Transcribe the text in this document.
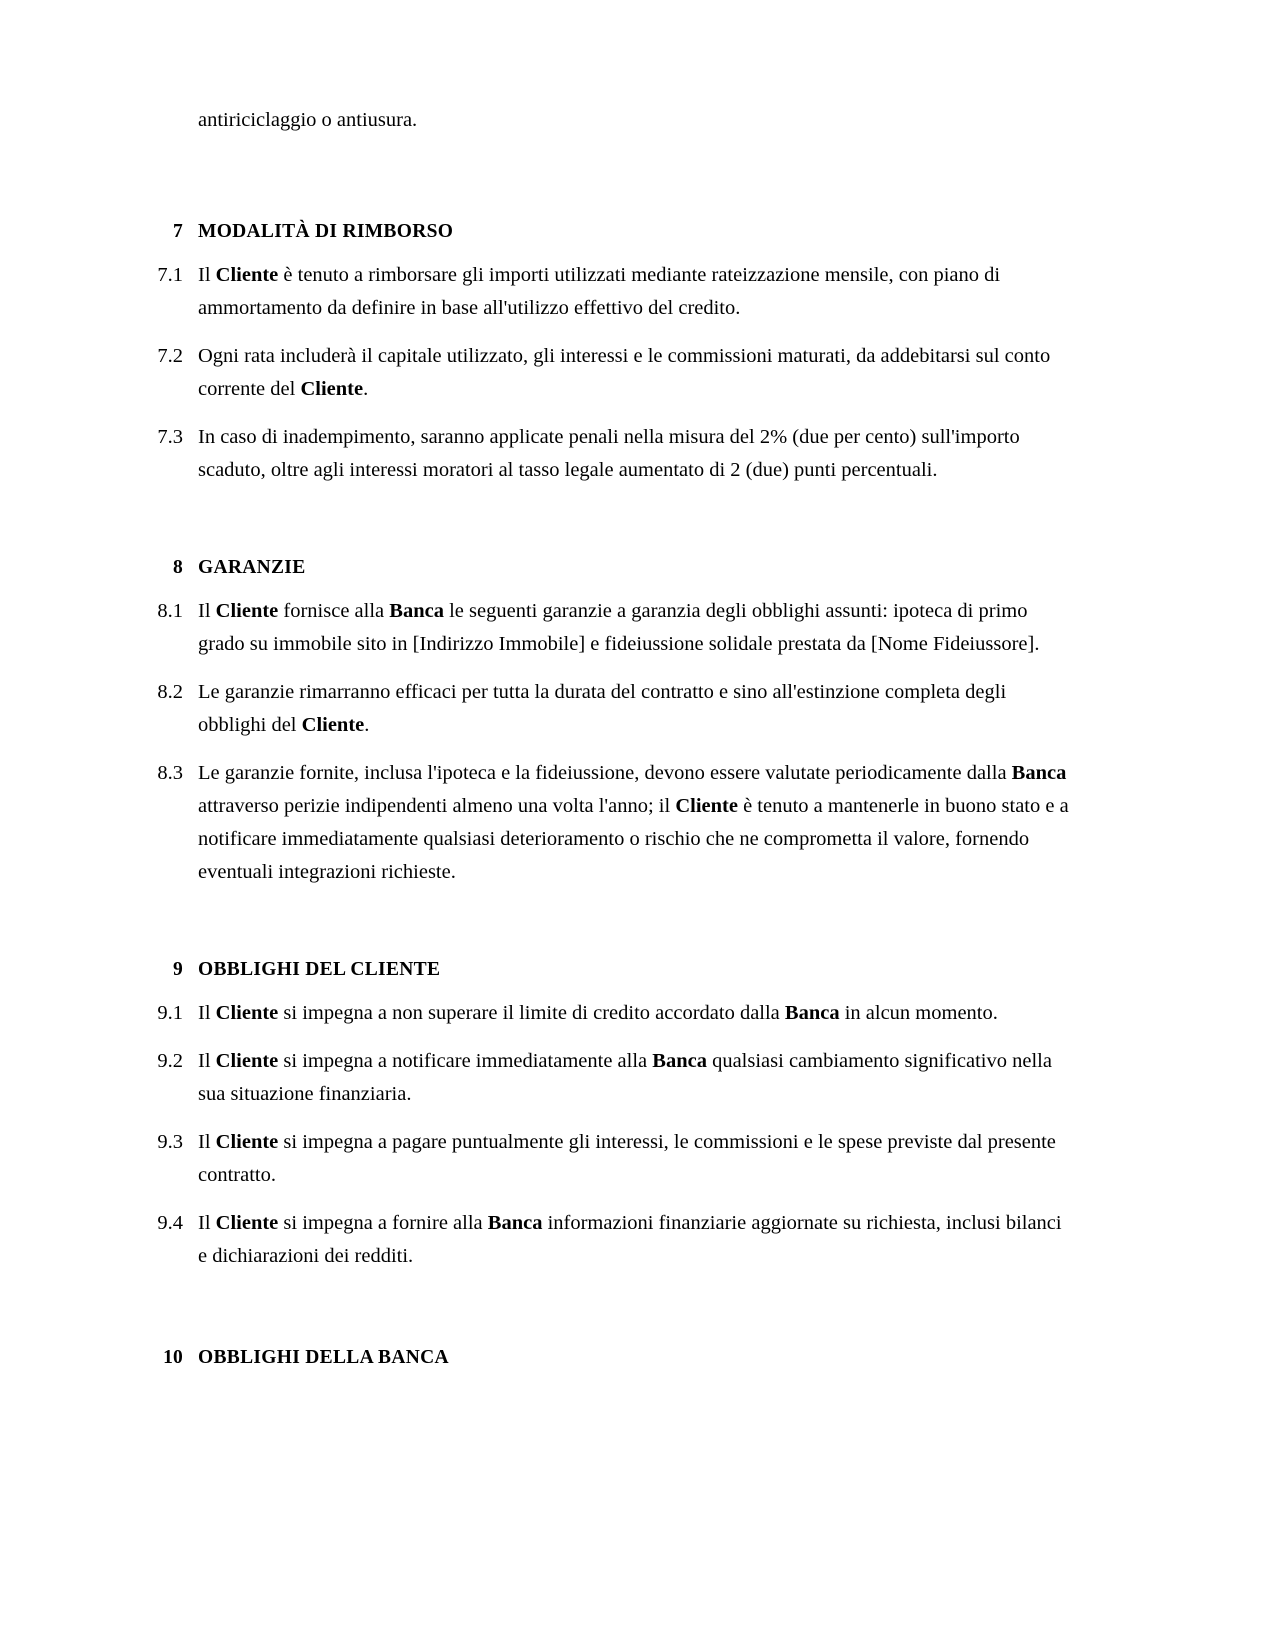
antiriciclaggio o antiusura.

7 MODALITÀ DI RIMBORSO
7.1 Il Cliente è tenuto a rimborsare gli importi utilizzati mediante rateizzazione mensile, con piano di ammortamento da definire in base all'utilizzo effettivo del credito.
7.2 Ogni rata includerà il capitale utilizzato, gli interessi e le commissioni maturati, da addebitarsi sul conto corrente del Cliente.
7.3 In caso di inadempimento, saranno applicate penali nella misura del 2% (due per cento) sull'importo scaduto, oltre agli interessi moratori al tasso legale aumentato di 2 (due) punti percentuali.
8 GARANZIE
8.1 Il Cliente fornisce alla Banca le seguenti garanzie a garanzia degli obblighi assunti: ipoteca di primo grado su immobile sito in [Indirizzo Immobile] e fideiussione solidale prestata da [Nome Fideiussore].
8.2 Le garanzie rimarranno efficaci per tutta la durata del contratto e sino all'estinzione completa degli obblighi del Cliente.
8.3 Le garanzie fornite, inclusa l'ipoteca e la fideiussione, devono essere valutate periodicamente dalla Banca attraverso perizie indipendenti almeno una volta l'anno; il Cliente è tenuto a mantenerle in buono stato e a notificare immediatamente qualsiasi deterioramento o rischio che ne comprometta il valore, fornendo eventuali integrazioni richieste.
9 OBBLIGHI DEL CLIENTE
9.1 Il Cliente si impegna a non superare il limite di credito accordato dalla Banca in alcun momento.
9.2 Il Cliente si impegna a notificare immediatamente alla Banca qualsiasi cambiamento significativo nella sua situazione finanziaria.
9.3 Il Cliente si impegna a pagare puntualmente gli interessi, le commissioni e le spese previste dal presente contratto.
9.4 Il Cliente si impegna a fornire alla Banca informazioni finanziarie aggiornate su richiesta, inclusi bilanci e dichiarazioni dei redditi.
10 OBBLIGHI DELLA BANCA
